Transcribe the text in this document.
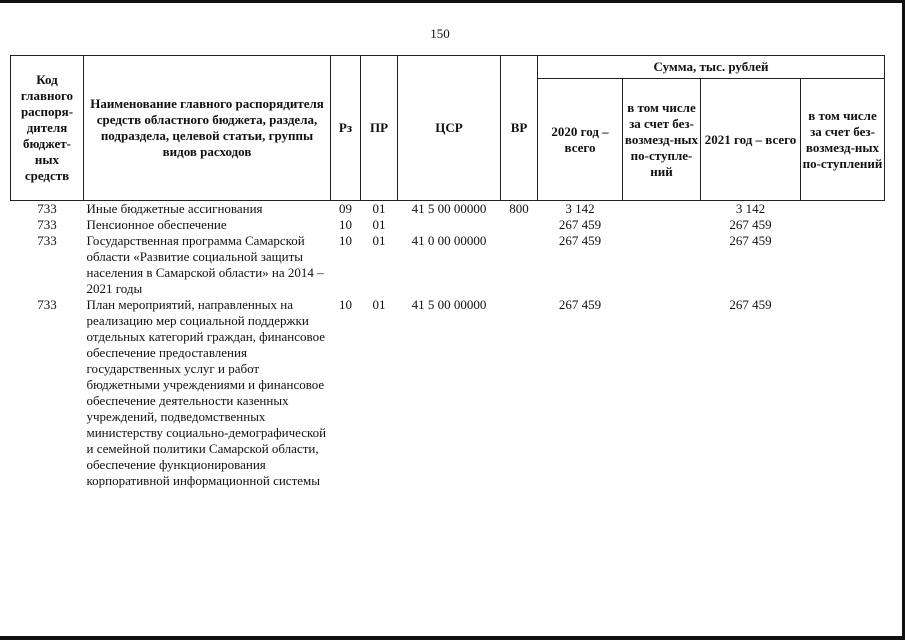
150
Код главного распоря-дителя бюджет-ных средств	Наименование главного распорядителя средств областного бюджета, раздела, подраздела, целевой статьи, группы видов расходов	Рз	ПР	ЦСР	ВР	Сумма, тыс. рублей			
						2020 год – всего	в том числе за счет без-возмезд-ных по-ступле-ний	2021 год – всего	в том числе за счет без-возмезд-ных по-ступлений
733	Иные бюджетные ассигнования	09	01	41 5 00 00000	800	3 142		3 142	
733	Пенсионное обеспечение	10	01			267 459		267 459	
733	Государственная программа Самарской области «Развитие социальной защиты населения в Самарской области» на 2014 – 2021 годы	10	01	41 0 00 00000		267 459		267 459	
733	План мероприятий, направленных на реализацию мер социальной поддержки отдельных категорий граждан, финансовое обеспечение предоставления государственных услуг и работ бюджетными учреждениями и финансовое обеспечение деятельности казенных учреждений, подведомственных министерству социально-демографической и семейной политики Самарской области, обеспечение функционирования корпоративной информационной системы	10	01	41 5 00 00000		267 459		267 459	
